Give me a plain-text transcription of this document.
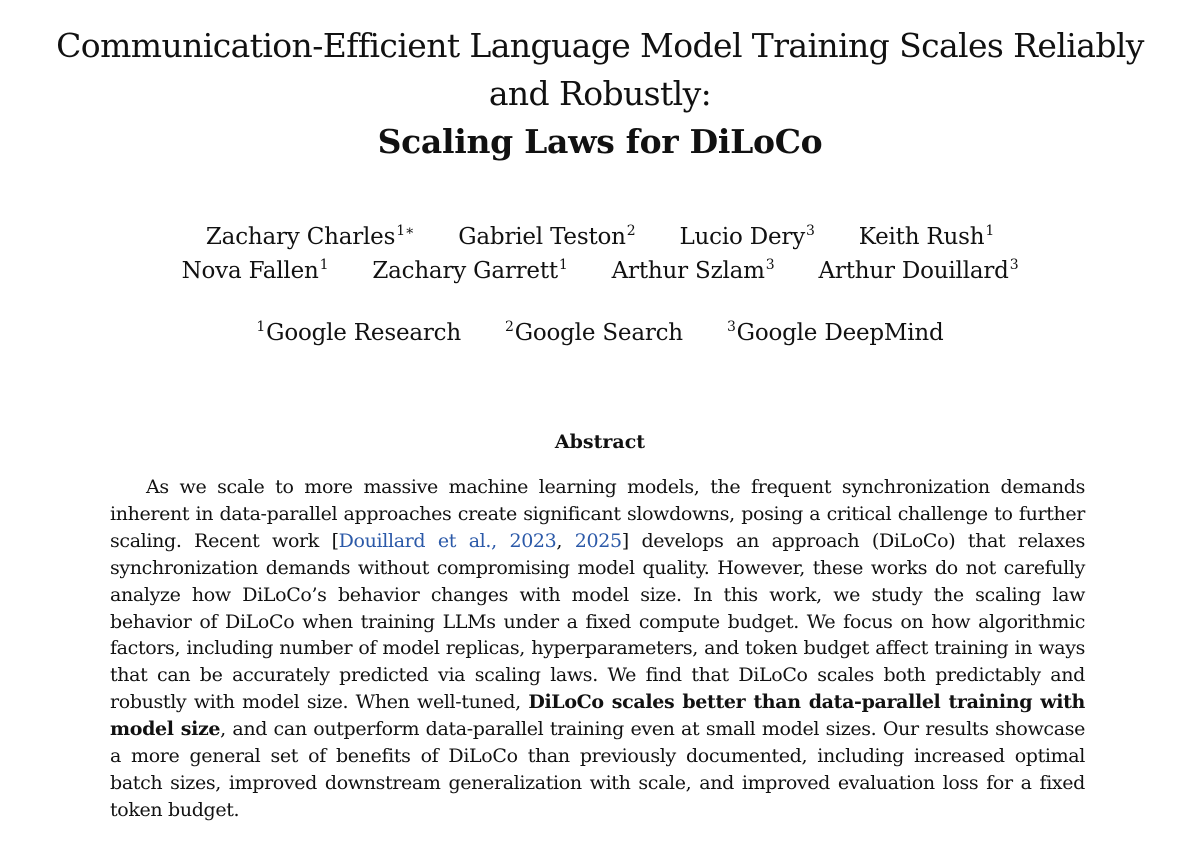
Communication-Efficient Language Model Training Scales Reliably

and Robustly:

Scaling Laws for DiLoCo

Zachary Charles$^{1∗}$ Gabriel Teston$^2$ Lucio Dery$^3$ Keith Rush$^1$
Nova Fallen$^1$ Zachary Garrett$^1$ Arthur Szlam$^3$ Arthur Douillard$^3$
$^1$Google Research	$^2$Google Search	$^3$Google DeepMind
Abstract
As we scale to more massive machine learning models, the frequent synchronization demands inherent in data-parallel approaches create significant slowdowns, posing a critical challenge to further scaling. Recent work [Douillard et al., 2023, 2025] develops an approach (DiLoCo) that relaxes synchronization demands without compromising model quality. However, these works do not carefully analyze how DiLoCo’s behavior changes with model size. In this work, we study the scaling law behavior of DiLoCo when training LLMs under a fixed compute budget. We focus on how algorithmic factors, including number of model replicas, hyperparameters, and token budget affect training in ways that can be accurately predicted via scaling laws. We find that DiLoCo scales both predictably and robustly with model size. When well-tuned, DiLoCo scales better than data-parallel training with model size, and can outperform data-parallel training even at small model sizes. Our results showcase a more general set of benefits of DiLoCo than previously documented, including increased optimal batch sizes, improved downstream generalization with scale, and improved evaluation loss for a fixed token budget.
